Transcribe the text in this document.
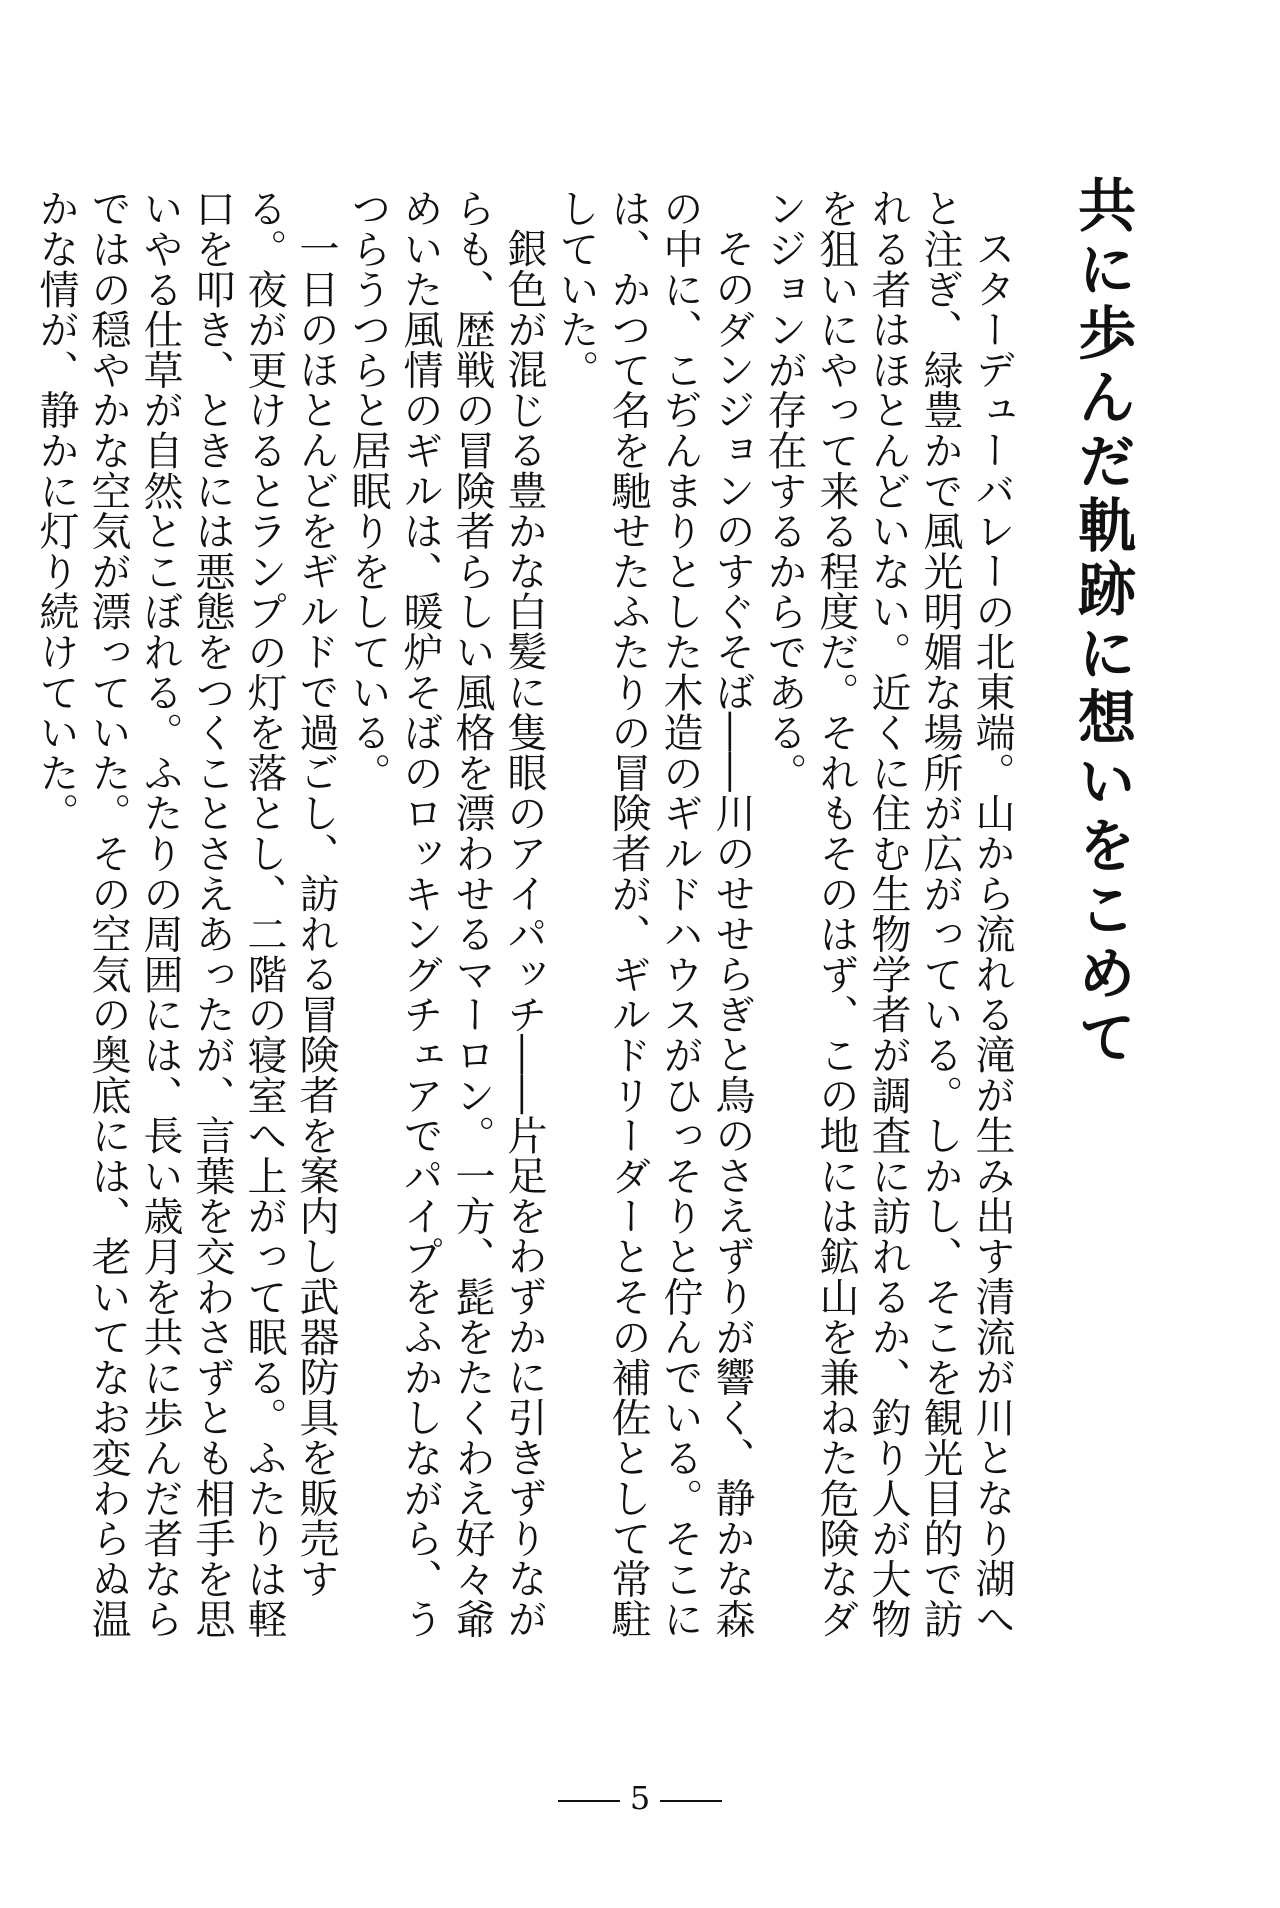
共に歩んだ軌跡に想いをこめて

スターデューバレーの北東端。山から流れる滝が生み出す清流が川となり湖へと注ぎ、緑豊かで風光明媚な場所が広がっている。しかし、そこを観光目的で訪れる者はほとんどいない。近くに住む生物学者が調査に訪れるか、釣り人が大物を狙いにやって来る程度だ。それもそのはず、この地には鉱山を兼ねた危険なダンジョンが存在するからである。

そのダンジョンのすぐそば――川のせせらぎと鳥のさえずりが響く、静かな森の中に、こぢんまりとした木造のギルドハウスがひっそりと佇んでいる。そこには、かつて名を馳せたふたりの冒険者が、ギルドリーダーとその補佐として常駐していた。

銀色が混じる豊かな白髪に隻眼のアイパッチ――片足をわずかに引きずりながらも、歴戦の冒険者らしい風格を漂わせるマーロン。一方、髭をたくわえ好々爺めいた風情のギルは、暖炉そばのロッキングチェアでパイプをふかしながら、うつらうつらと居眠りをしている。

一日のほとんどをギルドで過ごし、訪れる冒険者を案内し武器防具を販売する。夜が更けるとランプの灯を落とし、二階の寝室へ上がって眠る。ふたりは軽口を叩き、ときには悪態をつくことさえあったが、言葉を交わさずとも相手を思いやる仕草が自然とこぼれる。ふたりの周囲には、長い歳月を共に歩んだ者ならではの穏やかな空気が漂っていた。その空気の奥底には、老いてなお変わらぬ温かな情が、静かに灯り続けていた。

5
